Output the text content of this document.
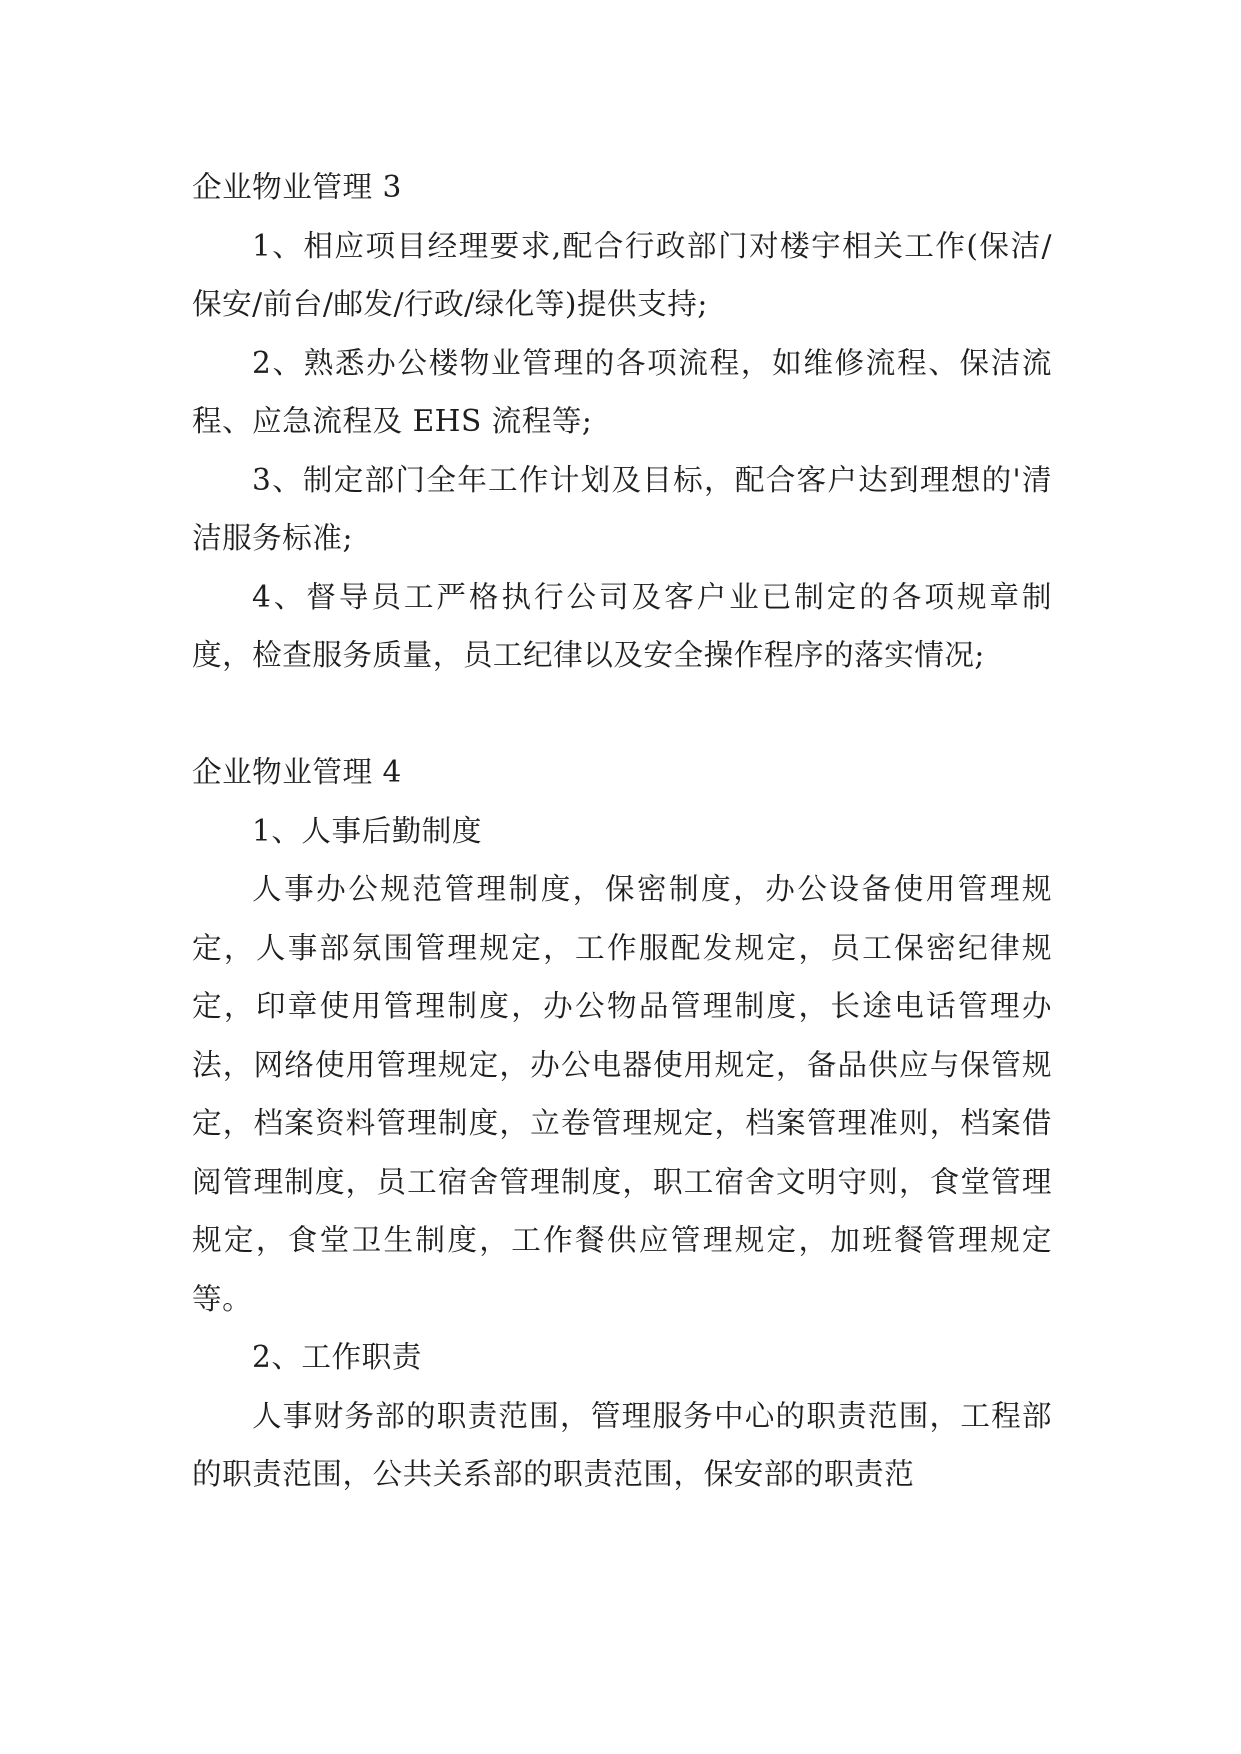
企业物业管理 3

1、相应项目经理要求,配合行政部门对楼宇相关工作(保洁/保安/前台/邮发/行政/绿化等)提供支持;

2、熟悉办公楼物业管理的各项流程，如维修流程、保洁流程、应急流程及 EHS 流程等;

3、制定部门全年工作计划及目标，配合客户达到理想的'清洁服务标准;

4、督导员工严格执行公司及客户业已制定的各项规章制度，检查服务质量，员工纪律以及安全操作程序的落实情况;

企业物业管理 4

1、人事后勤制度

人事办公规范管理制度，保密制度，办公设备使用管理规定，人事部氛围管理规定，工作服配发规定，员工保密纪律规定，印章使用管理制度，办公物品管理制度，长途电话管理办法，网络使用管理规定，办公电器使用规定，备品供应与保管规定，档案资料管理制度，立卷管理规定，档案管理准则，档案借阅管理制度，员工宿舍管理制度，职工宿舍文明守则，食堂管理规定，食堂卫生制度，工作餐供应管理规定，加班餐管理规定等。

2、工作职责

人事财务部的职责范围，管理服务中心的职责范围，工程部的职责范围，公共关系部的职责范围，保安部的职责范
